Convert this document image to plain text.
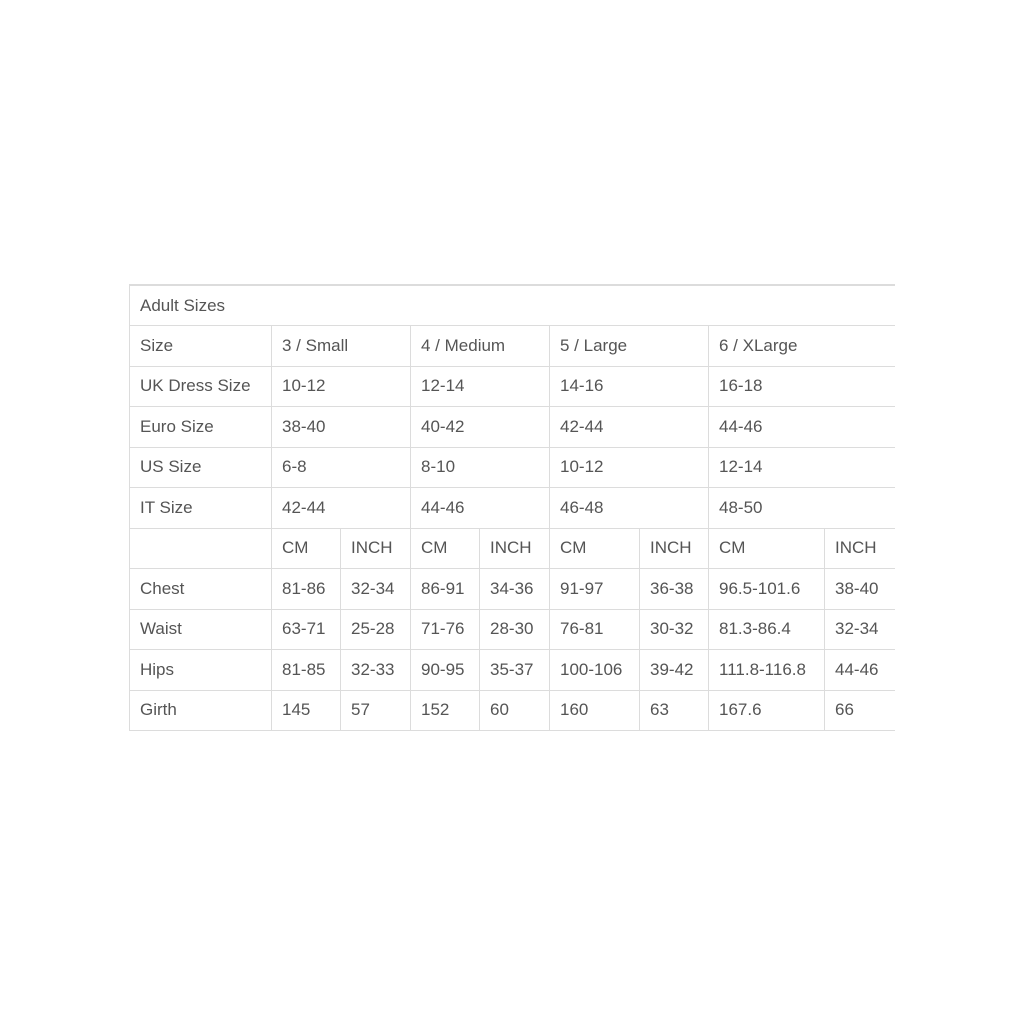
Adult Sizes								
Size	3 / Small		4 / Medium		5 / Large		6 / XLarge	
UK Dress Size	10-12		12-14		14-16		16-18	
Euro Size	38-40		40-42		42-44		44-46	
US Size	6-8		8-10		10-12		12-14	
IT Size	42-44		44-46		46-48		48-50	
	CM	INCH	CM	INCH	CM	INCH	CM	INCH
Chest	81-86	32-34	86-91	34-36	91-97	36-38	96.5-101.6	38-40
Waist	63-71	25-28	71-76	28-30	76-81	30-32	81.3-86.4	32-34
Hips	81-85	32-33	90-95	35-37	100-106	39-42	111.8-116.8	44-46
Girth	145	57	152	60	160	63	167.6	66
